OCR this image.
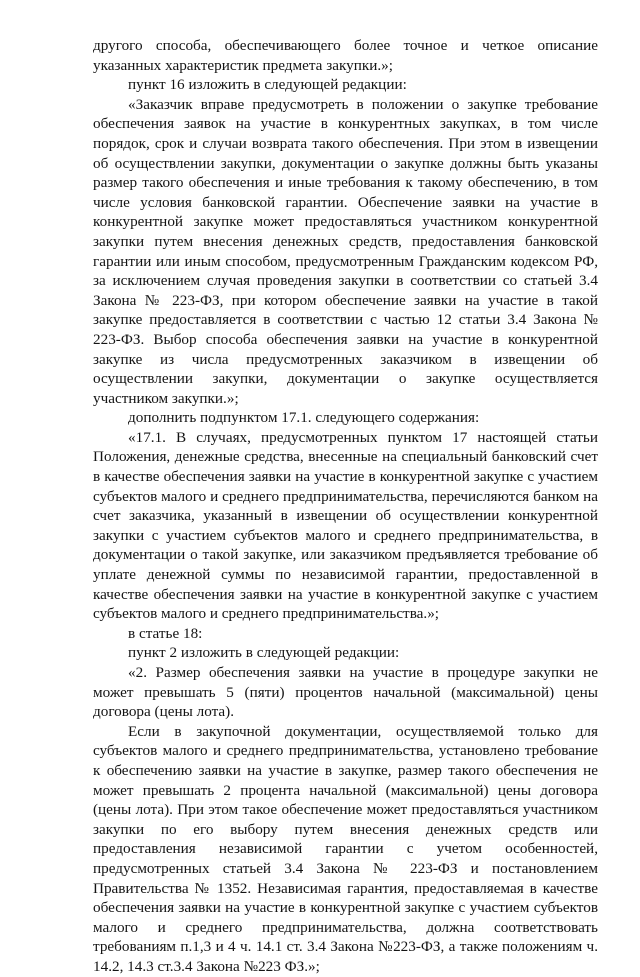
другого способа, обеспечивающего более точное и четкое описание указанных характеристик предмета закупки.»;

пункт 16 изложить в следующей редакции:

«Заказчик вправе предусмотреть в положении о закупке требование обеспечения заявок на участие в конкурентных закупках, в том числе порядок, срок и случаи возврата такого обеспечения. При этом в извещении об осуществлении закупки, документации о закупке должны быть указаны размер такого обеспечения и иные требования к такому обеспечению, в том числе условия банковской гарантии. Обеспечение заявки на участие в конкурентной закупке может предоставляться участником конкурентной закупки путем внесения денежных средств, предоставления банковской гарантии или иным способом, предусмотренным Гражданским кодексом РФ, за исключением случая проведения закупки в соответствии со статьей 3.4 Закона № 223-ФЗ, при котором обеспечение заявки на участие в такой закупке предоставляется в соответствии с частью 12 статьи 3.4 Закона № 223-ФЗ. Выбор способа обеспечения заявки на участие в конкурентной закупке из числа предусмотренных заказчиком в извещении об осуществлении закупки, документации о закупке осуществляется участником закупки.»;

дополнить подпунктом 17.1. следующего содержания:

«17.1. В случаях, предусмотренных пунктом 17 настоящей статьи Положения, денежные средства, внесенные на специальный банковский счет в качестве обеспечения заявки на участие в конкурентной закупке с участием субъектов малого и среднего предпринимательства, перечисляются банком на счет заказчика, указанный в извещении об осуществлении конкурентной закупки с участием субъектов малого и среднего предпринимательства, в документации о такой закупке, или заказчиком предъявляется требование об уплате денежной суммы по независимой гарантии, предоставленной в качестве обеспечения заявки на участие в конкурентной закупке с участием субъектов малого и среднего предпринимательства.»;

в статье 18:

пункт 2 изложить в следующей редакции:

«2. Размер обеспечения заявки на участие в процедуре закупки не может превышать 5 (пяти) процентов начальной (максимальной) цены договора (цены лота).

Если в закупочной документации, осуществляемой только для субъектов малого и среднего предпринимательства, установлено требование к обеспечению заявки на участие в закупке, размер такого обеспечения не может превышать 2 процента начальной (максимальной) цены договора (цены лота). При этом такое обеспечение может предоставляться участником закупки по его выбору путем внесения денежных средств или предоставления независимой гарантии с учетом особенностей, предусмотренных статьей 3.4 Закона № 223-ФЗ и постановлением Правительства № 1352. Независимая гарантия, предоставляемая в качестве обеспечения заявки на участие в конкурентной закупке с участием субъектов малого и среднего предпринимательства, должна соответствовать требованиям п.1,3 и 4 ч. 14.1 ст. 3.4 Закона №223-ФЗ, а также положениям ч. 14.2, 14.3 ст.3.4 Закона №223 ФЗ.»;
